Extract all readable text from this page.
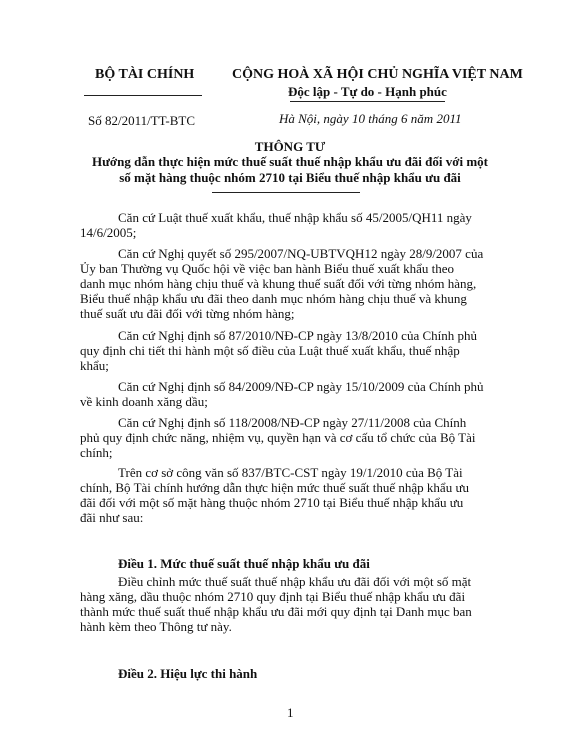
BỘ TÀI CHÍNH
Số 82/2011/TT-BTC
CỘNG HOÀ XÃ HỘI CHỦ NGHĨA VIỆT NAM
Độc lập - Tự do - Hạnh phúc
Hà Nội, ngày 10 tháng 6 năm 2011
THÔNG TƯ
Hướng dẫn thực hiện mức thuế suất thuế nhập khẩu ưu đãi đối với một
số mặt hàng thuộc nhóm 2710 tại Biểu thuế nhập khẩu ưu đãi
Căn cứ Luật thuế xuất khẩu, thuế nhập khẩu số 45/2005/QH11 ngày
14/6/2005;
Căn cứ Nghị quyết số 295/2007/NQ-UBTVQH12 ngày 28/9/2007 của
Ủy ban Thường vụ Quốc hội về việc ban hành Biểu thuế xuất khẩu theo
danh mục nhóm hàng chịu thuế và khung thuế suất đối với từng nhóm hàng,
Biểu thuế nhập khẩu ưu đãi theo danh mục nhóm hàng chịu thuế và khung
thuế suất ưu đãi đối với từng nhóm hàng;
Căn cứ Nghị định số 87/2010/NĐ-CP ngày 13/8/2010 của Chính phủ
quy định chi tiết thi hành một số điều của Luật thuế xuất khẩu, thuế nhập
khẩu;
Căn cứ Nghị định số 84/2009/NĐ-CP ngày 15/10/2009 của Chính phủ
về kinh doanh xăng dầu;
Căn cứ Nghị định số 118/2008/NĐ-CP ngày 27/11/2008 của Chính
phủ quy định chức năng, nhiệm vụ, quyền hạn và cơ cấu tổ chức của Bộ Tài
chính;
Trên cơ sở công văn số 837/BTC-CST ngày 19/1/2010 của Bộ Tài
chính, Bộ Tài chính hướng dẫn thực hiện mức thuế suất thuế nhập khẩu ưu
đãi đối với một số mặt hàng thuộc nhóm 2710 tại Biểu thuế nhập khẩu ưu
đãi như sau:
Điều 1. Mức thuế suất thuế nhập khẩu ưu đãi
Điều chỉnh mức thuế suất thuế nhập khẩu ưu đãi đối với một số mặt
hàng xăng, dầu thuộc nhóm 2710 quy định tại Biểu thuế nhập khẩu ưu đãi
thành mức thuế suất thuế nhập khẩu ưu đãi mới quy định tại Danh mục ban
hành kèm theo Thông tư này.
Điều 2. Hiệu lực thi hành
1
